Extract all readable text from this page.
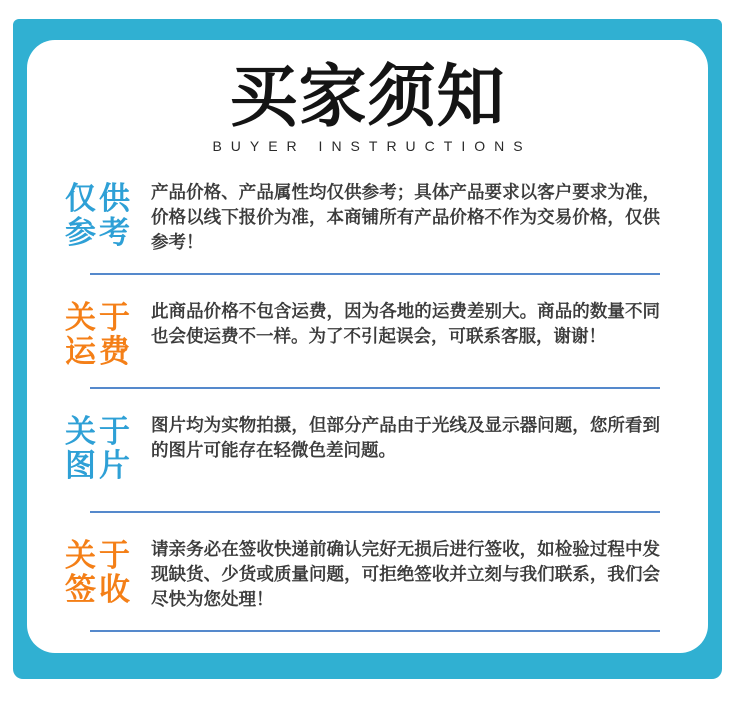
买家须知
BUYER INSTRUCTIONS
仅供
参考

产品价格、产品属性均仅供参考；具体产品要求以客户要求为准，价格以线下报价为准，本商铺所有产品价格不作为交易价格，仅供参考！

关于
运费

此商品价格不包含运费，因为各地的运费差别大。商品的数量不同也会使运费不一样。为了不引起误会，可联系客服，谢谢！

关于
图片

图片均为实物拍摄，但部分产品由于光线及显示器问题，您所看到的图片可能存在轻微色差问题。

关于
签收

请亲务必在签收快递前确认完好无损后进行签收，如检验过程中发现缺货、少货或质量问题，可拒绝签收并立刻与我们联系，我们会尽快为您处理！
